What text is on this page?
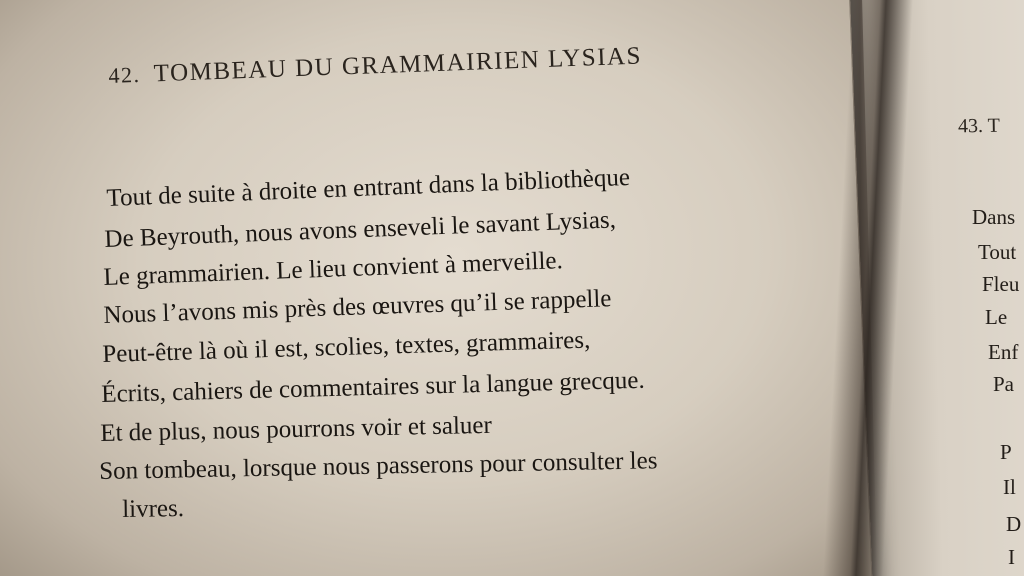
42. TOMBEAU DU GRAMMAIRIEN LYSIAS
Tout de suite à droite en entrant dans la bibliothèque
De Beyrouth, nous avons enseveli le savant Lysias,
Le grammairien. Le lieu convient à merveille.
Nous l’avons mis près des œuvres qu’il se rappelle
Peut-être là où il est, scolies, textes, grammaires,
Écrits, cahiers de commentaires sur la langue grecque.
Et de plus, nous pourrons voir et saluer
Son tombeau, lorsque nous passerons pour consulter les
livres.
43. T
Dans
Tout
Fleu
Le
Enf
Pa
P
Il
D
I
